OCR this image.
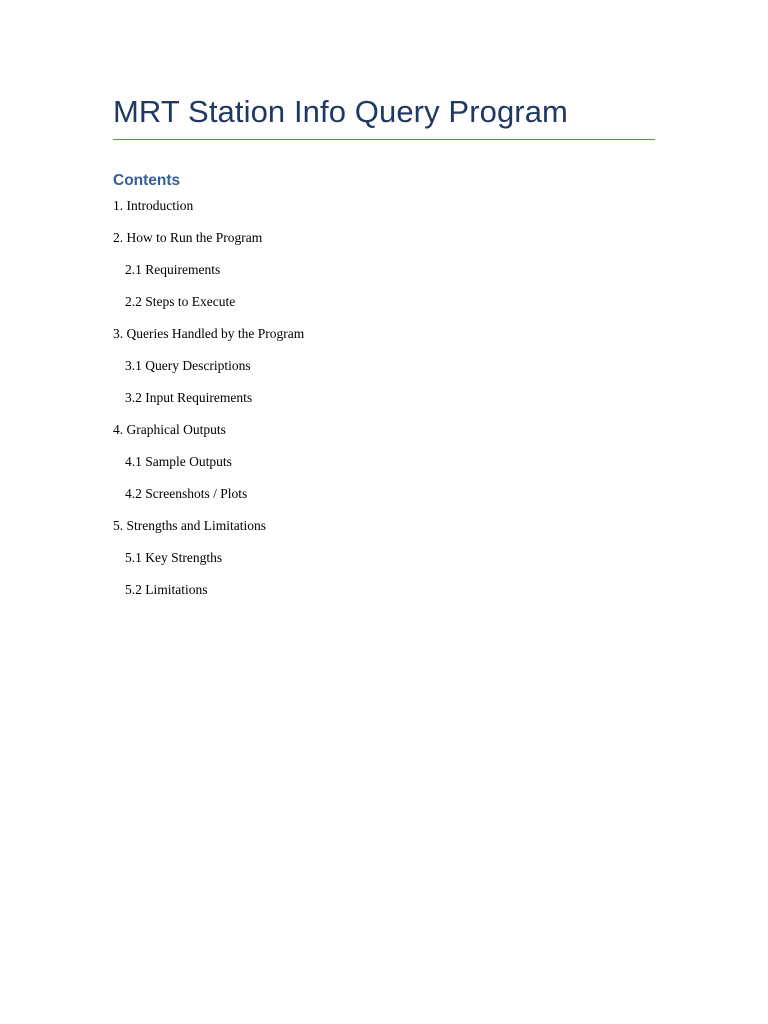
MRT Station Info Query Program
Contents
1. Introduction
2. How to Run the Program
2.1 Requirements
2.2 Steps to Execute
3. Queries Handled by the Program
3.1 Query Descriptions
3.2 Input Requirements
4. Graphical Outputs
4.1 Sample Outputs
4.2 Screenshots / Plots
5. Strengths and Limitations
5.1 Key Strengths
5.2 Limitations
